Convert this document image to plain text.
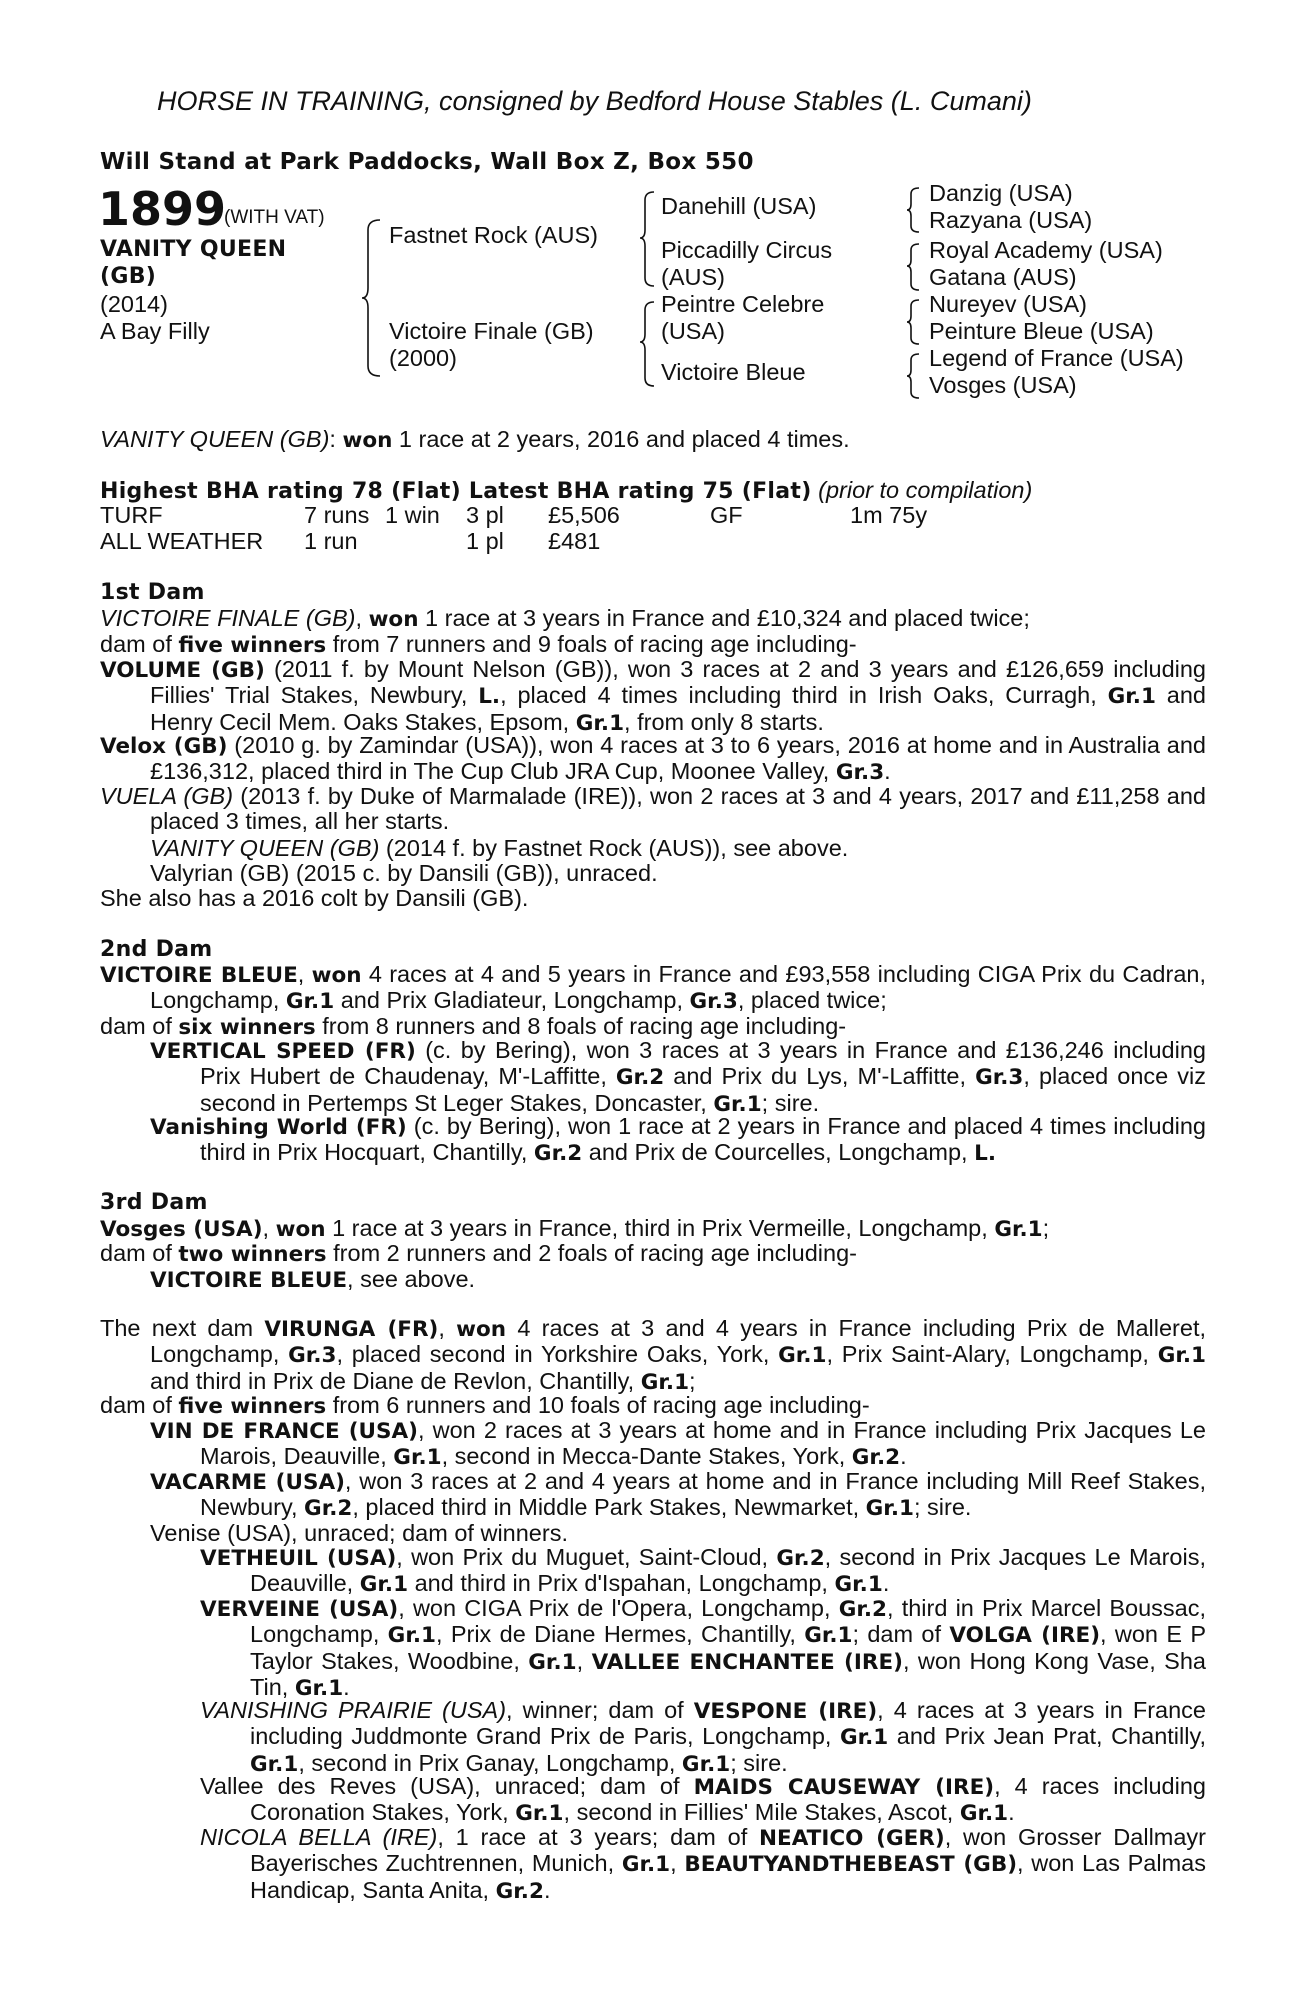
HORSE IN TRAINING, consigned by Bedford House Stables (L. Cumani)
Will Stand at Park Paddocks, Wall Box Z, Box 550
1899
(WITH VAT)
VANITY QUEEN
(GB)
(2014)
A Bay Filly
Fastnet Rock (AUS)
Victoire Finale (GB)
(2000)
Danehill (USA)
Piccadilly Circus
(AUS)
Peintre Celebre
(USA)
Victoire Bleue
Danzig (USA)
Razyana (USA)
Royal Academy (USA)
Gatana (AUS)
Nureyev (USA)
Peinture Bleue (USA)
Legend of France (USA)
Vosges (USA)
VANITY QUEEN (GB): won 1 race at 2 years, 2016 and placed 4 times.
Highest BHA rating 78 (Flat) Latest BHA rating 75 (Flat) (prior to compilation)
TURF	7 runs 1 win 3 pl £5,506	GF	1m 75y
ALL WEATHER 1 run	1 pl £481
1st Dam
VICTOIRE FINALE (GB), won 1 race at 3 years in France and £10,324 and placed twice;
dam of five winners from 7 runners and 9 foals of racing age including-
VOLUME (GB) (2011 f. by Mount Nelson (GB)), won 3 races at 2 and 3 years and £126,659 including Fillies' Trial Stakes, Newbury, L., placed 4 times including third in Irish Oaks, Curragh, Gr.1 and Henry Cecil Mem. Oaks Stakes, Epsom, Gr.1, from only 8 starts.
Velox (GB) (2010 g. by Zamindar (USA)), won 4 races at 3 to 6 years, 2016 at home and in Australia and £136,312, placed third in The Cup Club JRA Cup, Moonee Valley, Gr.3.
VUELA (GB) (2013 f. by Duke of Marmalade (IRE)), won 2 races at 3 and 4 years, 2017 and £11,258 and placed 3 times, all her starts.
VANITY QUEEN (GB) (2014 f. by Fastnet Rock (AUS)), see above.
Valyrian (GB) (2015 c. by Dansili (GB)), unraced.
She also has a 2016 colt by Dansili (GB).
2nd Dam
VICTOIRE BLEUE, won 4 races at 4 and 5 years in France and £93,558 including CIGA Prix du Cadran, Longchamp, Gr.1 and Prix Gladiateur, Longchamp, Gr.3, placed twice;
dam of six winners from 8 runners and 8 foals of racing age including-
VERTICAL SPEED (FR) (c. by Bering), won 3 races at 3 years in France and £136,246 including Prix Hubert de Chaudenay, M'-Laffitte, Gr.2 and Prix du Lys, M'-Laffitte, Gr.3, placed once viz second in Pertemps St Leger Stakes, Doncaster, Gr.1; sire.
Vanishing World (FR) (c. by Bering), won 1 race at 2 years in France and placed 4 times including third in Prix Hocquart, Chantilly, Gr.2 and Prix de Courcelles, Longchamp, L.
3rd Dam
Vosges (USA), won 1 race at 3 years in France, third in Prix Vermeille, Longchamp, Gr.1;
dam of two winners from 2 runners and 2 foals of racing age including-
VICTOIRE BLEUE, see above.
The next dam VIRUNGA (FR), won 4 races at 3 and 4 years in France including Prix de Malleret, Longchamp, Gr.3, placed second in Yorkshire Oaks, York, Gr.1, Prix Saint-Alary, Longchamp, Gr.1 and third in Prix de Diane de Revlon, Chantilly, Gr.1;
dam of five winners from 6 runners and 10 foals of racing age including-
VIN DE FRANCE (USA), won 2 races at 3 years at home and in France including Prix Jacques Le Marois, Deauville, Gr.1, second in Mecca-Dante Stakes, York, Gr.2.
VACARME (USA), won 3 races at 2 and 4 years at home and in France including Mill Reef Stakes, Newbury, Gr.2, placed third in Middle Park Stakes, Newmarket, Gr.1; sire.
Venise (USA), unraced; dam of winners.
VETHEUIL (USA), won Prix du Muguet, Saint-Cloud, Gr.2, second in Prix Jacques Le Marois, Deauville, Gr.1 and third in Prix d'Ispahan, Longchamp, Gr.1.
VERVEINE (USA), won CIGA Prix de l'Opera, Longchamp, Gr.2, third in Prix Marcel Boussac, Longchamp, Gr.1, Prix de Diane Hermes, Chantilly, Gr.1; dam of VOLGA (IRE), won E P Taylor Stakes, Woodbine, Gr.1, VALLEE ENCHANTEE (IRE), won Hong Kong Vase, Sha Tin, Gr.1.
VANISHING PRAIRIE (USA), winner; dam of VESPONE (IRE), 4 races at 3 years in France including Juddmonte Grand Prix de Paris, Longchamp, Gr.1 and Prix Jean Prat, Chantilly, Gr.1, second in Prix Ganay, Longchamp, Gr.1; sire.
Vallee des Reves (USA), unraced; dam of MAIDS CAUSEWAY (IRE), 4 races including Coronation Stakes, York, Gr.1, second in Fillies' Mile Stakes, Ascot, Gr.1.
NICOLA BELLA (IRE), 1 race at 3 years; dam of NEATICO (GER), won Grosser Dallmayr Bayerisches Zuchtrennen, Munich, Gr.1, BEAUTYANDTHEBEAST (GB), won Las Palmas Handicap, Santa Anita, Gr.2.
